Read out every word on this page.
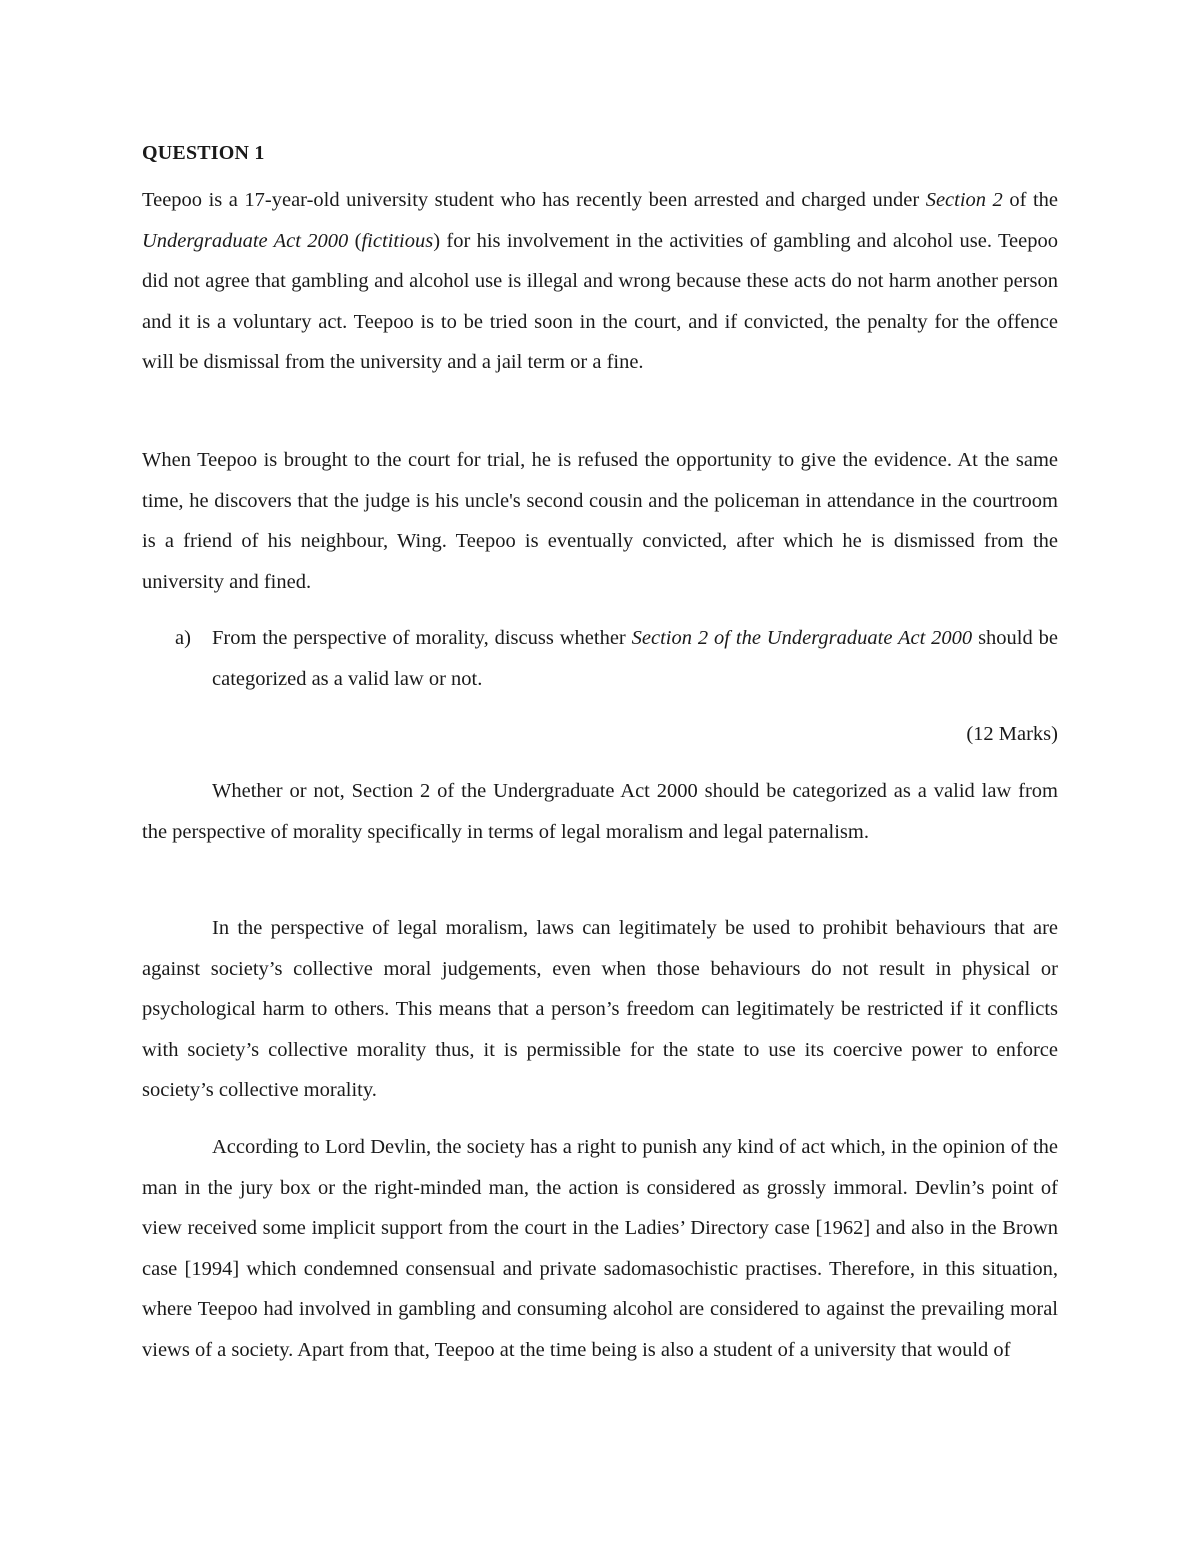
QUESTION 1

Teepoo is a 17-year-old university student who has recently been arrested and charged under Section 2 of the Undergraduate Act 2000 (fictitious) for his involvement in the activities of gambling and alcohol use. Teepoo did not agree that gambling and alcohol use is illegal and wrong because these acts do not harm another person and it is a voluntary act. Teepoo is to be tried soon in the court, and if convicted, the penalty for the offence will be dismissal from the university and a jail term or a fine.

When Teepoo is brought to the court for trial, he is refused the opportunity to give the evidence. At the same time, he discovers that the judge is his uncle's second cousin and the policeman in attendance in the courtroom is a friend of his neighbour, Wing. Teepoo is eventually convicted, after which he is dismissed from the university and fined.

a) From the perspective of morality, discuss whether Section 2 of the Undergraduate Act 2000 should be categorized as a valid law or not.

(12 Marks)

Whether or not, Section 2 of the Undergraduate Act 2000 should be categorized as a valid law from the perspective of morality specifically in terms of legal moralism and legal paternalism.

In the perspective of legal moralism, laws can legitimately be used to prohibit behaviours that are against society’s collective moral judgements, even when those behaviours do not result in physical or psychological harm to others. This means that a person’s freedom can legitimately be restricted if it conflicts with society’s collective morality thus, it is permissible for the state to use its coercive power to enforce society’s collective morality.

According to Lord Devlin, the society has a right to punish any kind of act which, in the opinion of the man in the jury box or the right-minded man, the action is considered as grossly immoral. Devlin’s point of view received some implicit support from the court in the Ladies’ Directory case [1962] and also in the Brown case [1994] which condemned consensual and private sadomasochistic practises. Therefore, in this situation, where Teepoo had involved in gambling and consuming alcohol are considered to against the prevailing moral views of a society. Apart from that, Teepoo at the time being is also a student of a university that would of
